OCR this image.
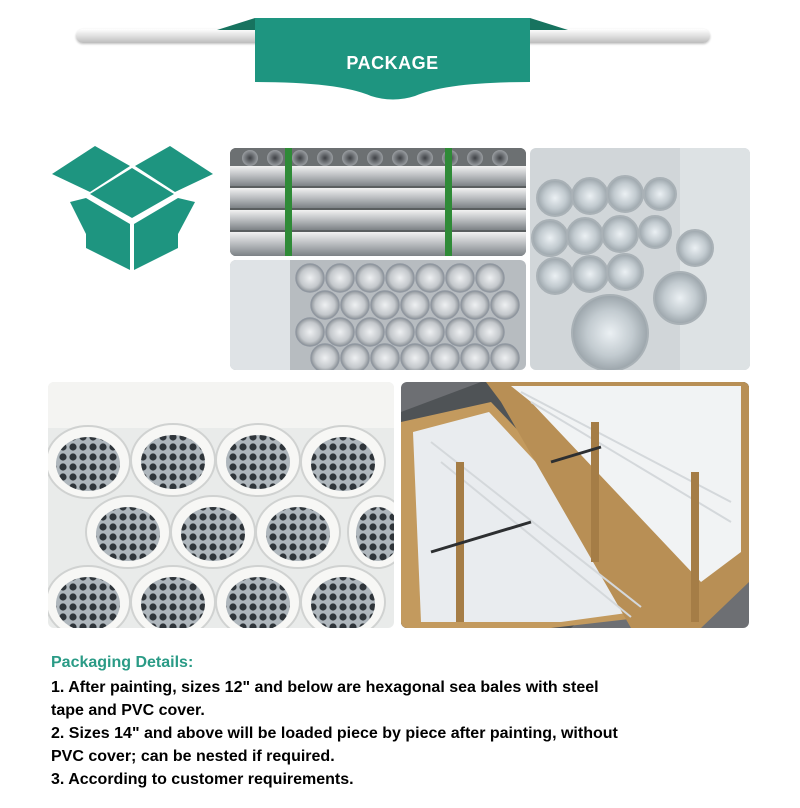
PACKAGE

Packaging Details:

1. After painting, sizes 12" and below are hexagonal sea bales with steel

tape and PVC cover.

2. Sizes 14" and above will be loaded piece by piece after painting, without

PVC cover; can be nested if required.

3. According to customer requirements.
